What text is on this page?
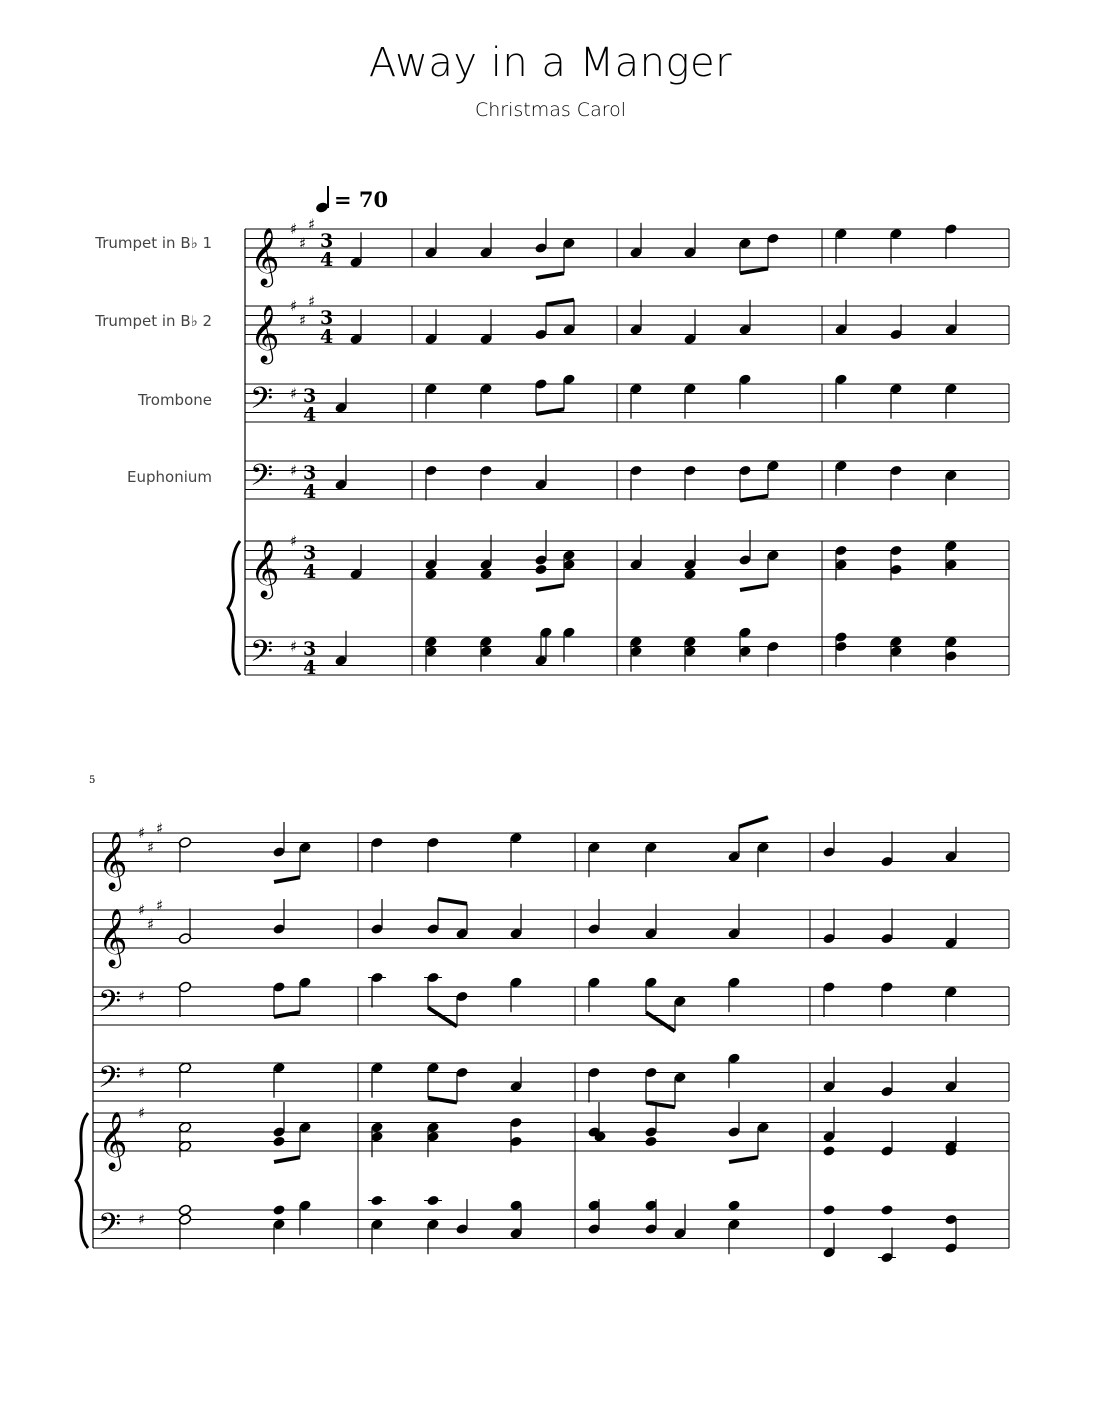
Away in a Manger
Christmas Carol
= 70
Trumpet in B♭ 1
Trumpet in B♭ 2
Trombone
Euphonium
5
𝄞 ♯
♯
♯
𝄞 ♯
♯
♯
𝄢 ♯
𝄢 ♯
𝄞 ♯
𝄢 ♯
3
4
3
4
3
4
3
4
3
4
3
4
𝄞 ♯
♯
♯
𝄞 ♯
♯
♯
𝄢 ♯
𝄢 ♯
𝄞 ♯
𝄢 ♯
